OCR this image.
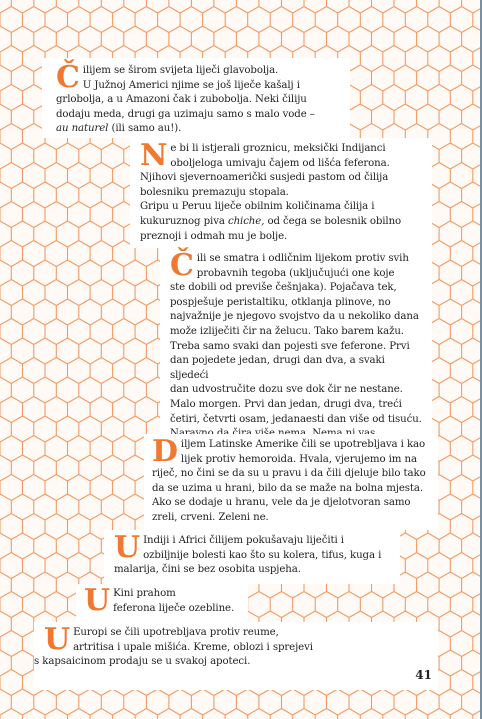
Č ilijem se širom svijeta liječi glavobolja.

U Južnoj Americi njime se još liječe kašalj i

grlobolja, a u Amazoni čak i zubobolja. Neki čiliju

dodaju meda, drugi ga uzimaju samo s malo vode –

au naturel (ili samo au!).

N e bi li istjerali groznicu, meksički Indijanci

oboljeloga umivaju čajem od lišća feferona.

Njihovi sjevernoamerički susjedi pastom od čilija

bolesniku premazuju stopala.

Gripu u Peruu liječe obilnim količinama čilija i

kukuruznog piva chiche, od čega se bolesnik obilno

preznoji i odmah mu je bolje.

Č ili se smatra i odličnim lijekom protiv svih

probavnih tegoba (uključujući one koje

ste dobili od previše češnjaka). Pojačava tek,

pospješuje peristaltiku, otklanja plinove, no

najvažnije je njegovo svojstvo da u nekoliko dana

može izliječiti čir na želucu. Tako barem kažu.

Treba samo svaki dan pojesti sve feferone. Prvi

dan pojedete jedan, drugi dan dva, a svaki sljedeći

dan udvostručite dozu sve dok čir ne nestane.

Malo morgen. Prvi dan jedan, drugi dva, treći

četiri, četvrti osam, jedanaesti dan više od tisuću.

D iljem Latinske Amerike čili se upotrebljava i kao

lijek protiv hemoroida. Hvala, vjerujemo im na

riječ, no čini se da su u pravu i da čili djeluje bilo tako

da se uzima u hrani, bilo da se maže na bolna mjesta.

Ako se dodaje u hranu, vele da je djelotvoran samo

zreli, crveni. Zeleni ne.

U Indiji i Africi čilijem pokušavaju liječiti i

ozbiljnije bolesti kao što su kolera, tifus, kuga i

malarija, čini se bez osobita uspjeha.

U Kini prahom

feferona liječe ozebline.

U Europi se čili upotrebljava protiv reume,

artritisa i upale mišića. Kreme, oblozi i sprejevi

s kapsaicinom prodaju se u svakoj apoteci.

41
